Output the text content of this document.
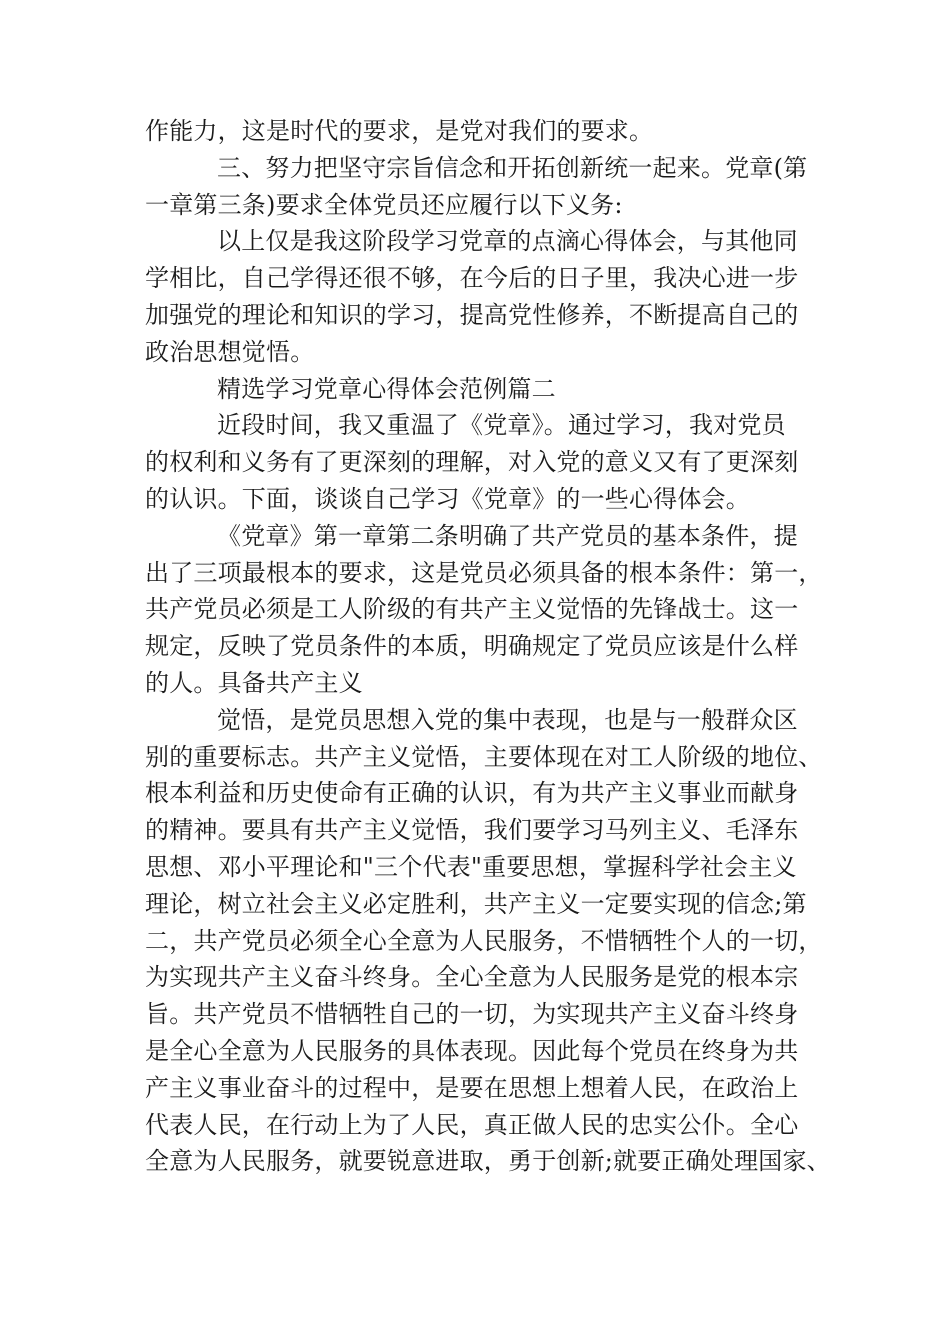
作能力，这是时代的要求，是党对我们的要求。
三、努力把坚守宗旨信念和开拓创新统一起来。党章(第
一章第三条)要求全体党员还应履行以下义务:
以上仅是我这阶段学习党章的点滴心得体会，与其他同
学相比，自己学得还很不够，在今后的日子里，我决心进一步
加强党的理论和知识的学习，提高党性修养，不断提高自己的
政治思想觉悟。
精选学习党章心得体会范例篇二
近段时间，我又重温了《党章》。通过学习，我对党员
的权利和义务有了更深刻的理解，对入党的意义又有了更深刻
的认识。下面，谈谈自己学习《党章》的一些心得体会。
《党章》第一章第二条明确了共产党员的基本条件，提
出了三项最根本的要求，这是党员必须具备的根本条件：第一，
共产党员必须是工人阶级的有共产主义觉悟的先锋战士。这一
规定，反映了党员条件的本质，明确规定了党员应该是什么样
的人。具备共产主义
觉悟，是党员思想入党的集中表现，也是与一般群众区
别的重要标志。共产主义觉悟，主要体现在对工人阶级的地位、
根本利益和历史使命有正确的认识，有为共产主义事业而献身
的精神。要具有共产主义觉悟，我们要学习马列主义、毛泽东
思想、邓小平理论和"三个代表"重要思想，掌握科学社会主义
理论，树立社会主义必定胜利，共产主义一定要实现的信念;第
二，共产党员必须全心全意为人民服务，不惜牺牲个人的一切，
为实现共产主义奋斗终身。全心全意为人民服务是党的根本宗
旨。共产党员不惜牺牲自己的一切，为实现共产主义奋斗终身
是全心全意为人民服务的具体表现。因此每个党员在终身为共
产主义事业奋斗的过程中，是要在思想上想着人民，在政治上
代表人民，在行动上为了人民，真正做人民的忠实公仆。全心
全意为人民服务，就要锐意进取，勇于创新;就要正确处理国家、
